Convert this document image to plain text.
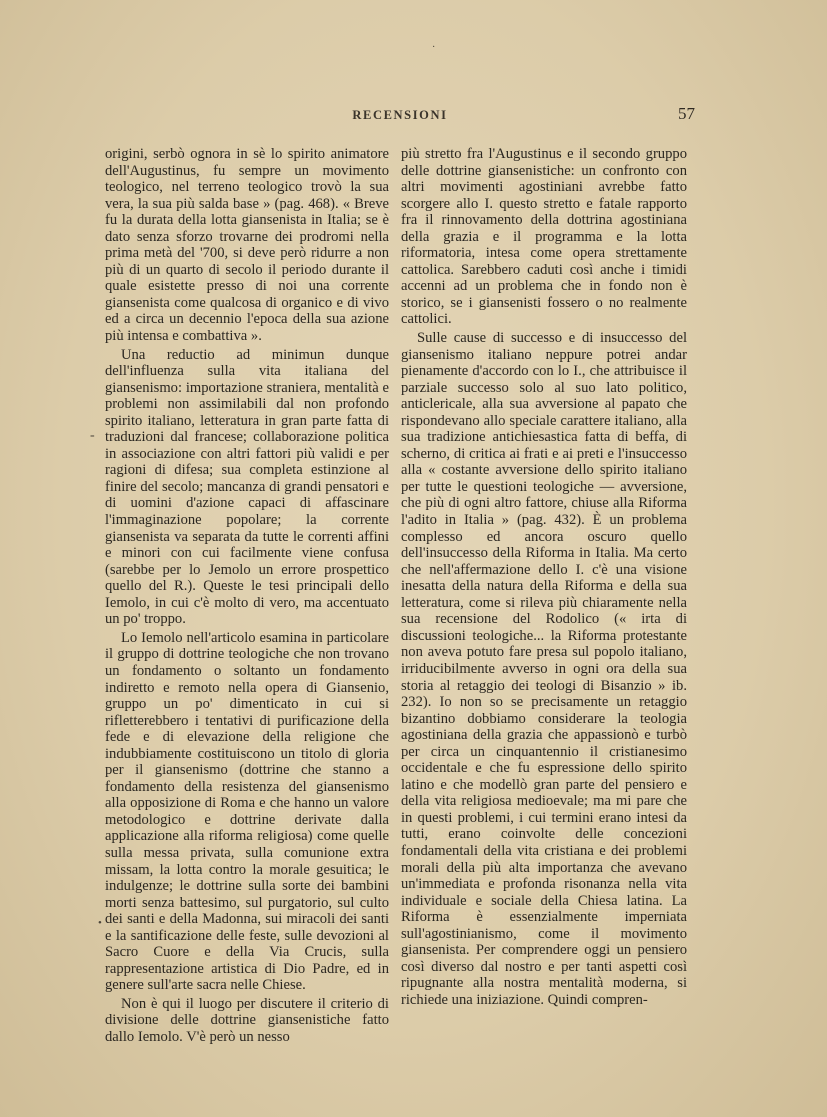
RECENSIONI	57
·
-
•

origini, serbò ognora in sè lo spirito animatore dell'Augustinus, fu sempre un movimento teologico, nel terreno teologico trovò la sua vera, la sua più salda base » (pag. 468). « Breve fu la durata della lotta giansenista in Italia; se è dato senza sforzo trovarne dei prodromi nella prima metà del '700, si deve però ridurre a non più di un quarto di secolo il periodo durante il quale esistette presso di noi una corrente giansenista come qualcosa di organico e di vivo ed a circa un decennio l'epoca della sua azione più intensa e combattiva ».

Una reductio ad minimun dunque dell'influenza sulla vita italiana del giansenismo: importazione straniera, mentalità e problemi non assimilabili dal non profondo spirito italiano, letteratura in gran parte fatta di traduzioni dal francese; collaborazione politica in associazione con altri fattori più validi e per ragioni di difesa; sua completa estinzione al finire del secolo; mancanza di grandi pensatori e di uomini d'azione capaci di affascinare l'immaginazione popolare; la corrente giansenista va separata da tutte le correnti affini e minori con cui facilmente viene confusa (sarebbe per lo Jemolo un errore prospettico quello del R.). Queste le tesi principali dello Iemolo, in cui c'è molto di vero, ma accentuato un po' troppo.

Lo Iemolo nell'articolo esamina in particolare il gruppo di dottrine teologiche che non trovano un fondamento o soltanto un fondamento indiretto e remoto nella opera di Giansenio, gruppo un po' dimenticato in cui si rifletterebbero i tentativi di purificazione della fede e di elevazione della religione che indubbiamente costituiscono un titolo di gloria per il giansenismo (dottrine che stanno a fondamento della resistenza del giansenismo alla opposizione di Roma e che hanno un valore metodologico e dottrine derivate dalla applicazione alla riforma religiosa) come quelle sulla messa privata, sulla comunione extra missam, la lotta contro la morale gesuitica; le indulgenze; le dottrine sulla sorte dei bambini morti senza battesimo, sul purgatorio, sul culto dei santi e della Madonna, sui miracoli dei santi e la santificazione delle feste, sulle devozioni al Sacro Cuore e della Via Crucis, sulla rappresentazione artistica di Dio Padre, ed in genere sull'arte sacra nelle Chiese.

Non è qui il luogo per discutere il criterio di divisione delle dottrine giansenistiche fatto dallo Iemolo. V'è però un nesso

più stretto fra l'Augustinus e il secondo gruppo delle dottrine giansenistiche: un confronto con altri movimenti agostiniani avrebbe fatto scorgere allo I. questo stretto e fatale rapporto fra il rinnovamento della dottrina agostiniana della grazia e il programma e la lotta riformatoria, intesa come opera strettamente cattolica. Sarebbero caduti così anche i timidi accenni ad un problema che in fondo non è storico, se i giansenisti fossero o no realmente cattolici.

Sulle cause di successo e di insuccesso del giansenismo italiano neppure potrei andar pienamente d'accordo con lo I., che attribuisce il parziale successo solo al suo lato politico, anticlericale, alla sua avversione al papato che rispondevano allo speciale carattere italiano, alla sua tradizione antichiesastica fatta di beffa, di scherno, di critica ai frati e ai preti e l'insuccesso alla « costante avversione dello spirito italiano per tutte le questioni teologiche — avversione, che più di ogni altro fattore, chiuse alla Riforma l'adito in Italia » (pag. 432). È un problema complesso ed ancora oscuro quello dell'insuccesso della Riforma in Italia. Ma certo che nell'affermazione dello I. c'è una visione inesatta della natura della Riforma e della sua letteratura, come si rileva più chiaramente nella sua recensione del Rodolico (« irta di discussioni teologiche... la Riforma protestante non aveva potuto fare presa sul popolo italiano, irriducibilmente avverso in ogni ora della sua storia al retaggio dei teologi di Bisanzio » ib. 232). Io non so se precisamente un retaggio bizantino dobbiamo considerare la teologia agostiniana della grazia che appassionò e turbò per circa un cinquantennio il cristianesimo occidentale e che fu espressione dello spirito latino e che modellò gran parte del pensiero e della vita religiosa medioevale; ma mi pare che in questi problemi, i cui termini erano intesi da tutti, erano coinvolte delle concezioni fondamentali della vita cristiana e dei problemi morali della più alta importanza che avevano un'immediata e profonda risonanza nella vita individuale e sociale della Chiesa latina. La Riforma è essenzialmente imperniata sull'agostinianismo, come il movimento giansenista. Per comprendere oggi un pensiero così diverso dal nostro e per tanti aspetti così ripugnante alla nostra mentalità moderna, si richiede una iniziazione. Quindi compren-
